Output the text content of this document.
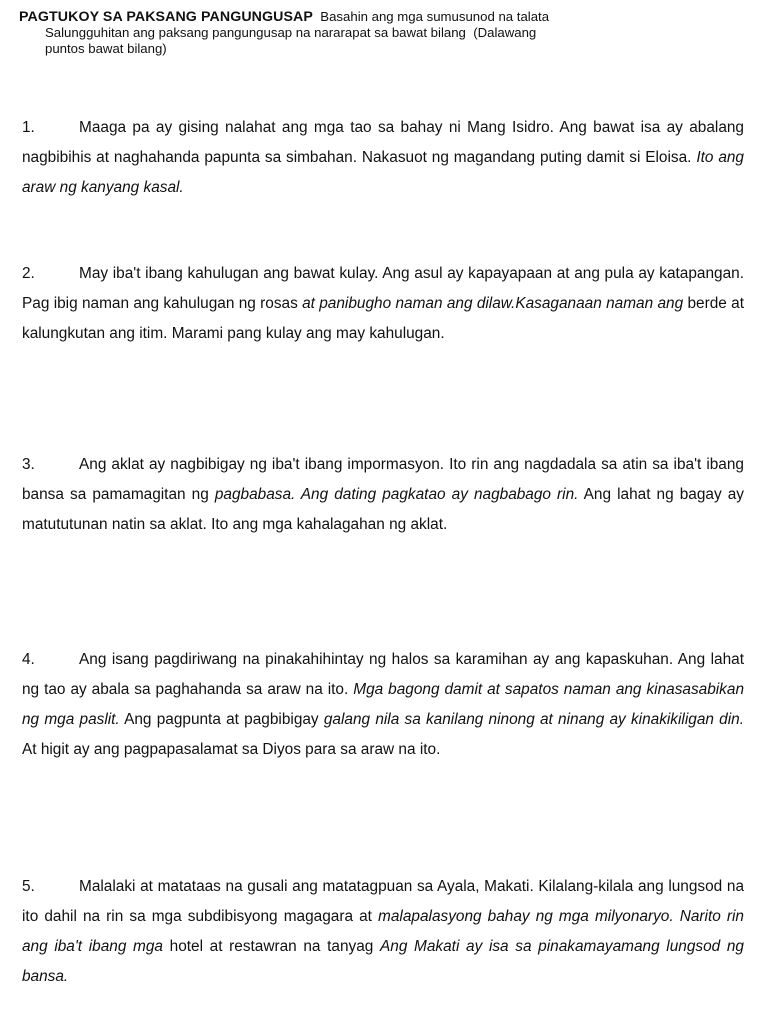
PAGTUKOY SA PAKSANG PANGUNGUSAP Basahin ang mga sumusunod na talata
Salungguhitan ang paksang pangungusap na nararapat sa bawat bilang (Dalawang
puntos bawat bilang)

1.	Maaga pa ay gising nalahat ang mga tao sa bahay ni Mang Isidro. Ang bawat isa ay abalang nagbibihis at naghahanda papunta sa simbahan. Nakasuot ng magandang puting damit si Eloisa. Ito ang araw ng kanyang kasal.

2.	May iba't ibang kahulugan ang bawat kulay. Ang asul ay kapayapaan at ang pula ay katapangan. Pag ibig naman ang kahulugan ng rosas at panibugho naman ang dilaw.Kasaganaan naman ang berde at kalungkutan ang itim. Marami pang kulay ang may kahulugan.

3.	Ang aklat ay nagbibigay ng iba't ibang impormasyon. Ito rin ang nagdadala sa atin sa iba't ibang bansa sa pamamagitan ng pagbabasa. Ang dating pagkatao ay nagbabago rin. Ang lahat ng bagay ay matututunan natin sa aklat. Ito ang mga kahalagahan ng aklat.

4.	Ang isang pagdiriwang na pinakahihintay ng halos sa karamihan ay ang kapaskuhan. Ang lahat ng tao ay abala sa paghahanda sa araw na ito. Mga bagong damit at sapatos naman ang kinasasabikan ng mga paslit. Ang pagpunta at pagbibigay galang nila sa kanilang ninong at ninang ay kinakikiligan din. At higit ay ang pagpapasalamat sa Diyos para sa araw na ito.

5.	Malalaki at matataas na gusali ang matatagpuan sa Ayala, Makati. Kilalang-kilala ang lungsod na ito dahil na rin sa mga subdibisyong magagara at malapalasyong bahay ng mga milyonaryo. Narito rin ang iba't ibang mga hotel at restawran na tanyag Ang Makati ay isa sa pinakamayamang lungsod ng bansa.
